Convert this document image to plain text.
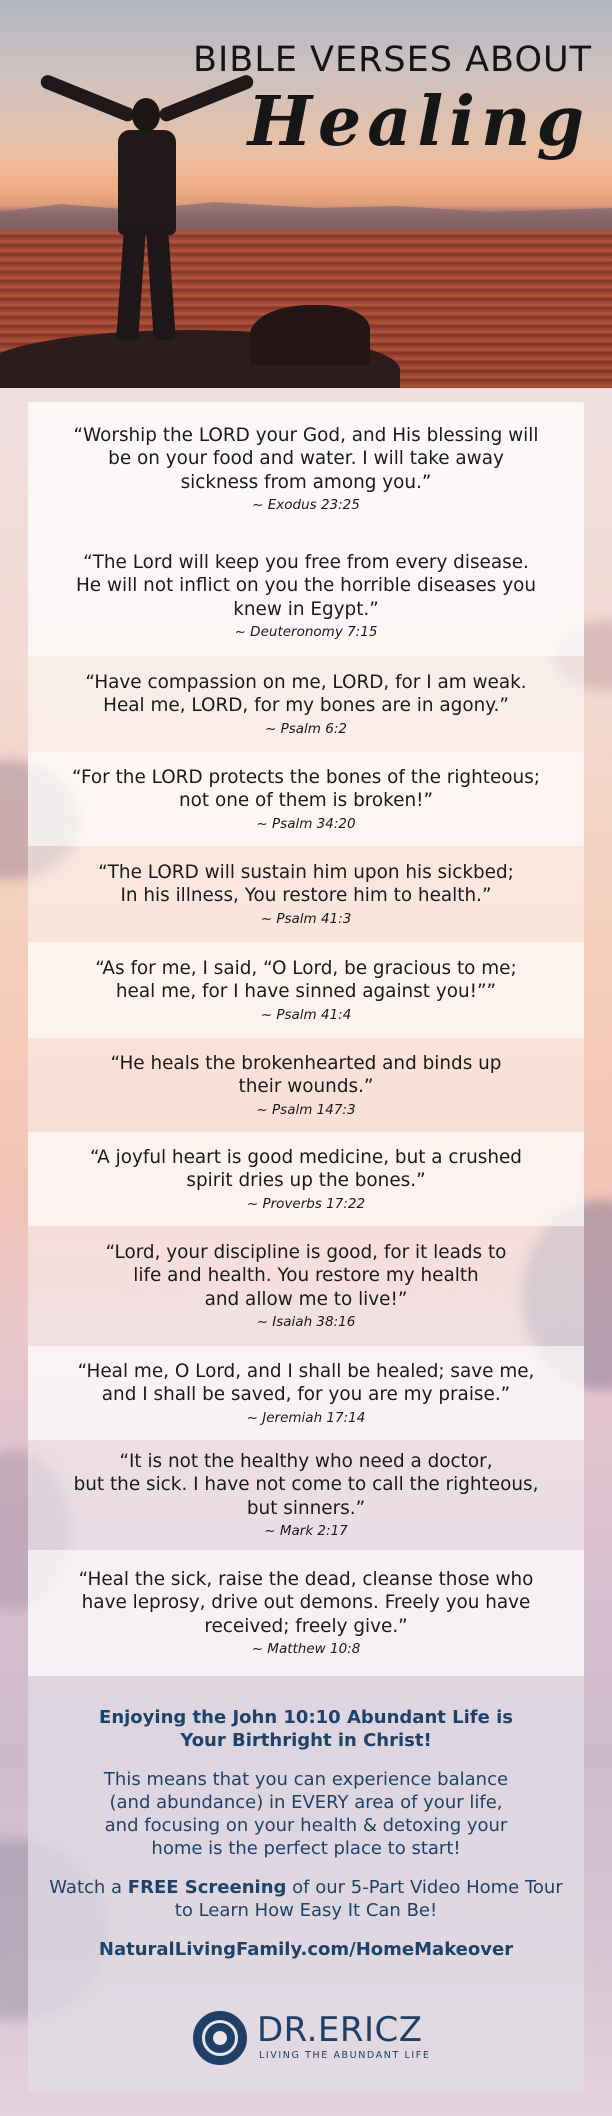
BIBLE VERSES ABOUT
Healing
“Worship the LORD your God, and His blessing will
be on your food and water. I will take away
sickness from among you.”
~ Exodus 23:25
“The Lord will keep you free from every disease.
He will not inflict on you the horrible diseases you
knew in Egypt.”
~ Deuteronomy 7:15
“Have compassion on me, LORD, for I am weak.
Heal me, LORD, for my bones are in agony.”
~ Psalm 6:2
“For the LORD protects the bones of the righteous;
not one of them is broken!”
~ Psalm 34:20
“The LORD will sustain him upon his sickbed;
In his illness, You restore him to health.”
~ Psalm 41:3
“As for me, I said, “O Lord, be gracious to me;
heal me, for I have sinned against you!””
~ Psalm 41:4
“He heals the brokenhearted and binds up
their wounds.”
~ Psalm 147:3
“A joyful heart is good medicine, but a crushed
spirit dries up the bones.”
~ Proverbs 17:22
“Lord, your discipline is good, for it leads to
life and health. You restore my health
and allow me to live!”
~ Isaiah 38:16
“Heal me, O Lord, and I shall be healed; save me,
and I shall be saved, for you are my praise.”
~ Jeremiah 17:14
“It is not the healthy who need a doctor,
but the sick. I have not come to call the righteous,
but sinners.”
~ Mark 2:17
“Heal the sick, raise the dead, cleanse those who
have leprosy, drive out demons. Freely you have
received; freely give.”
~ Matthew 10:8
Enjoying the John 10:10 Abundant Life is
Your Birthright in Christ!
This means that you can experience balance
(and abundance) in EVERY area of your life,
and focusing on your health & detoxing your
home is the perfect place to start!
Watch a FREE Screening of our 5-Part Video Home Tour to Learn How Easy It Can Be!
NaturalLivingFamily.com/HomeMakeover
DR.ERICZ
LIVING THE ABUNDANT LIFE
